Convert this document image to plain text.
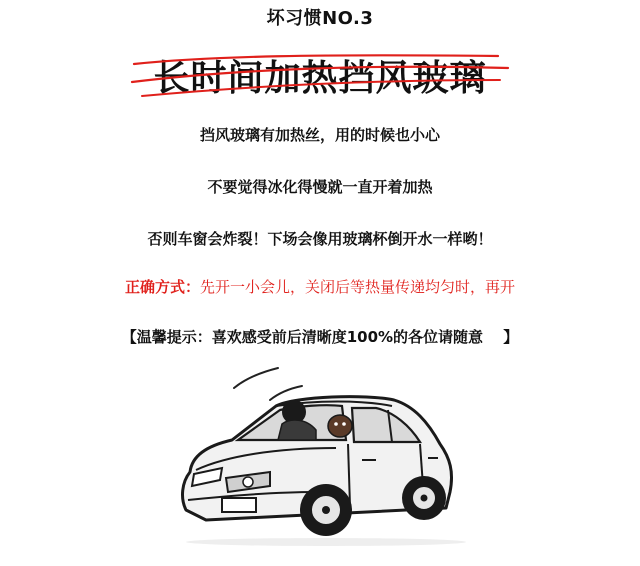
坏习惯NO.3
长时间加热挡风玻璃
挡风玻璃有加热丝，用的时候也小心
不要觉得冰化得慢就一直开着加热
否则车窗会炸裂！下场会像用玻璃杯倒开水一样哟！
正确方式：先开一小会儿，关闭后等热量传递均匀时，再开
【温馨提示：喜欢感受前后清晰度100%的各位请随意 　】
